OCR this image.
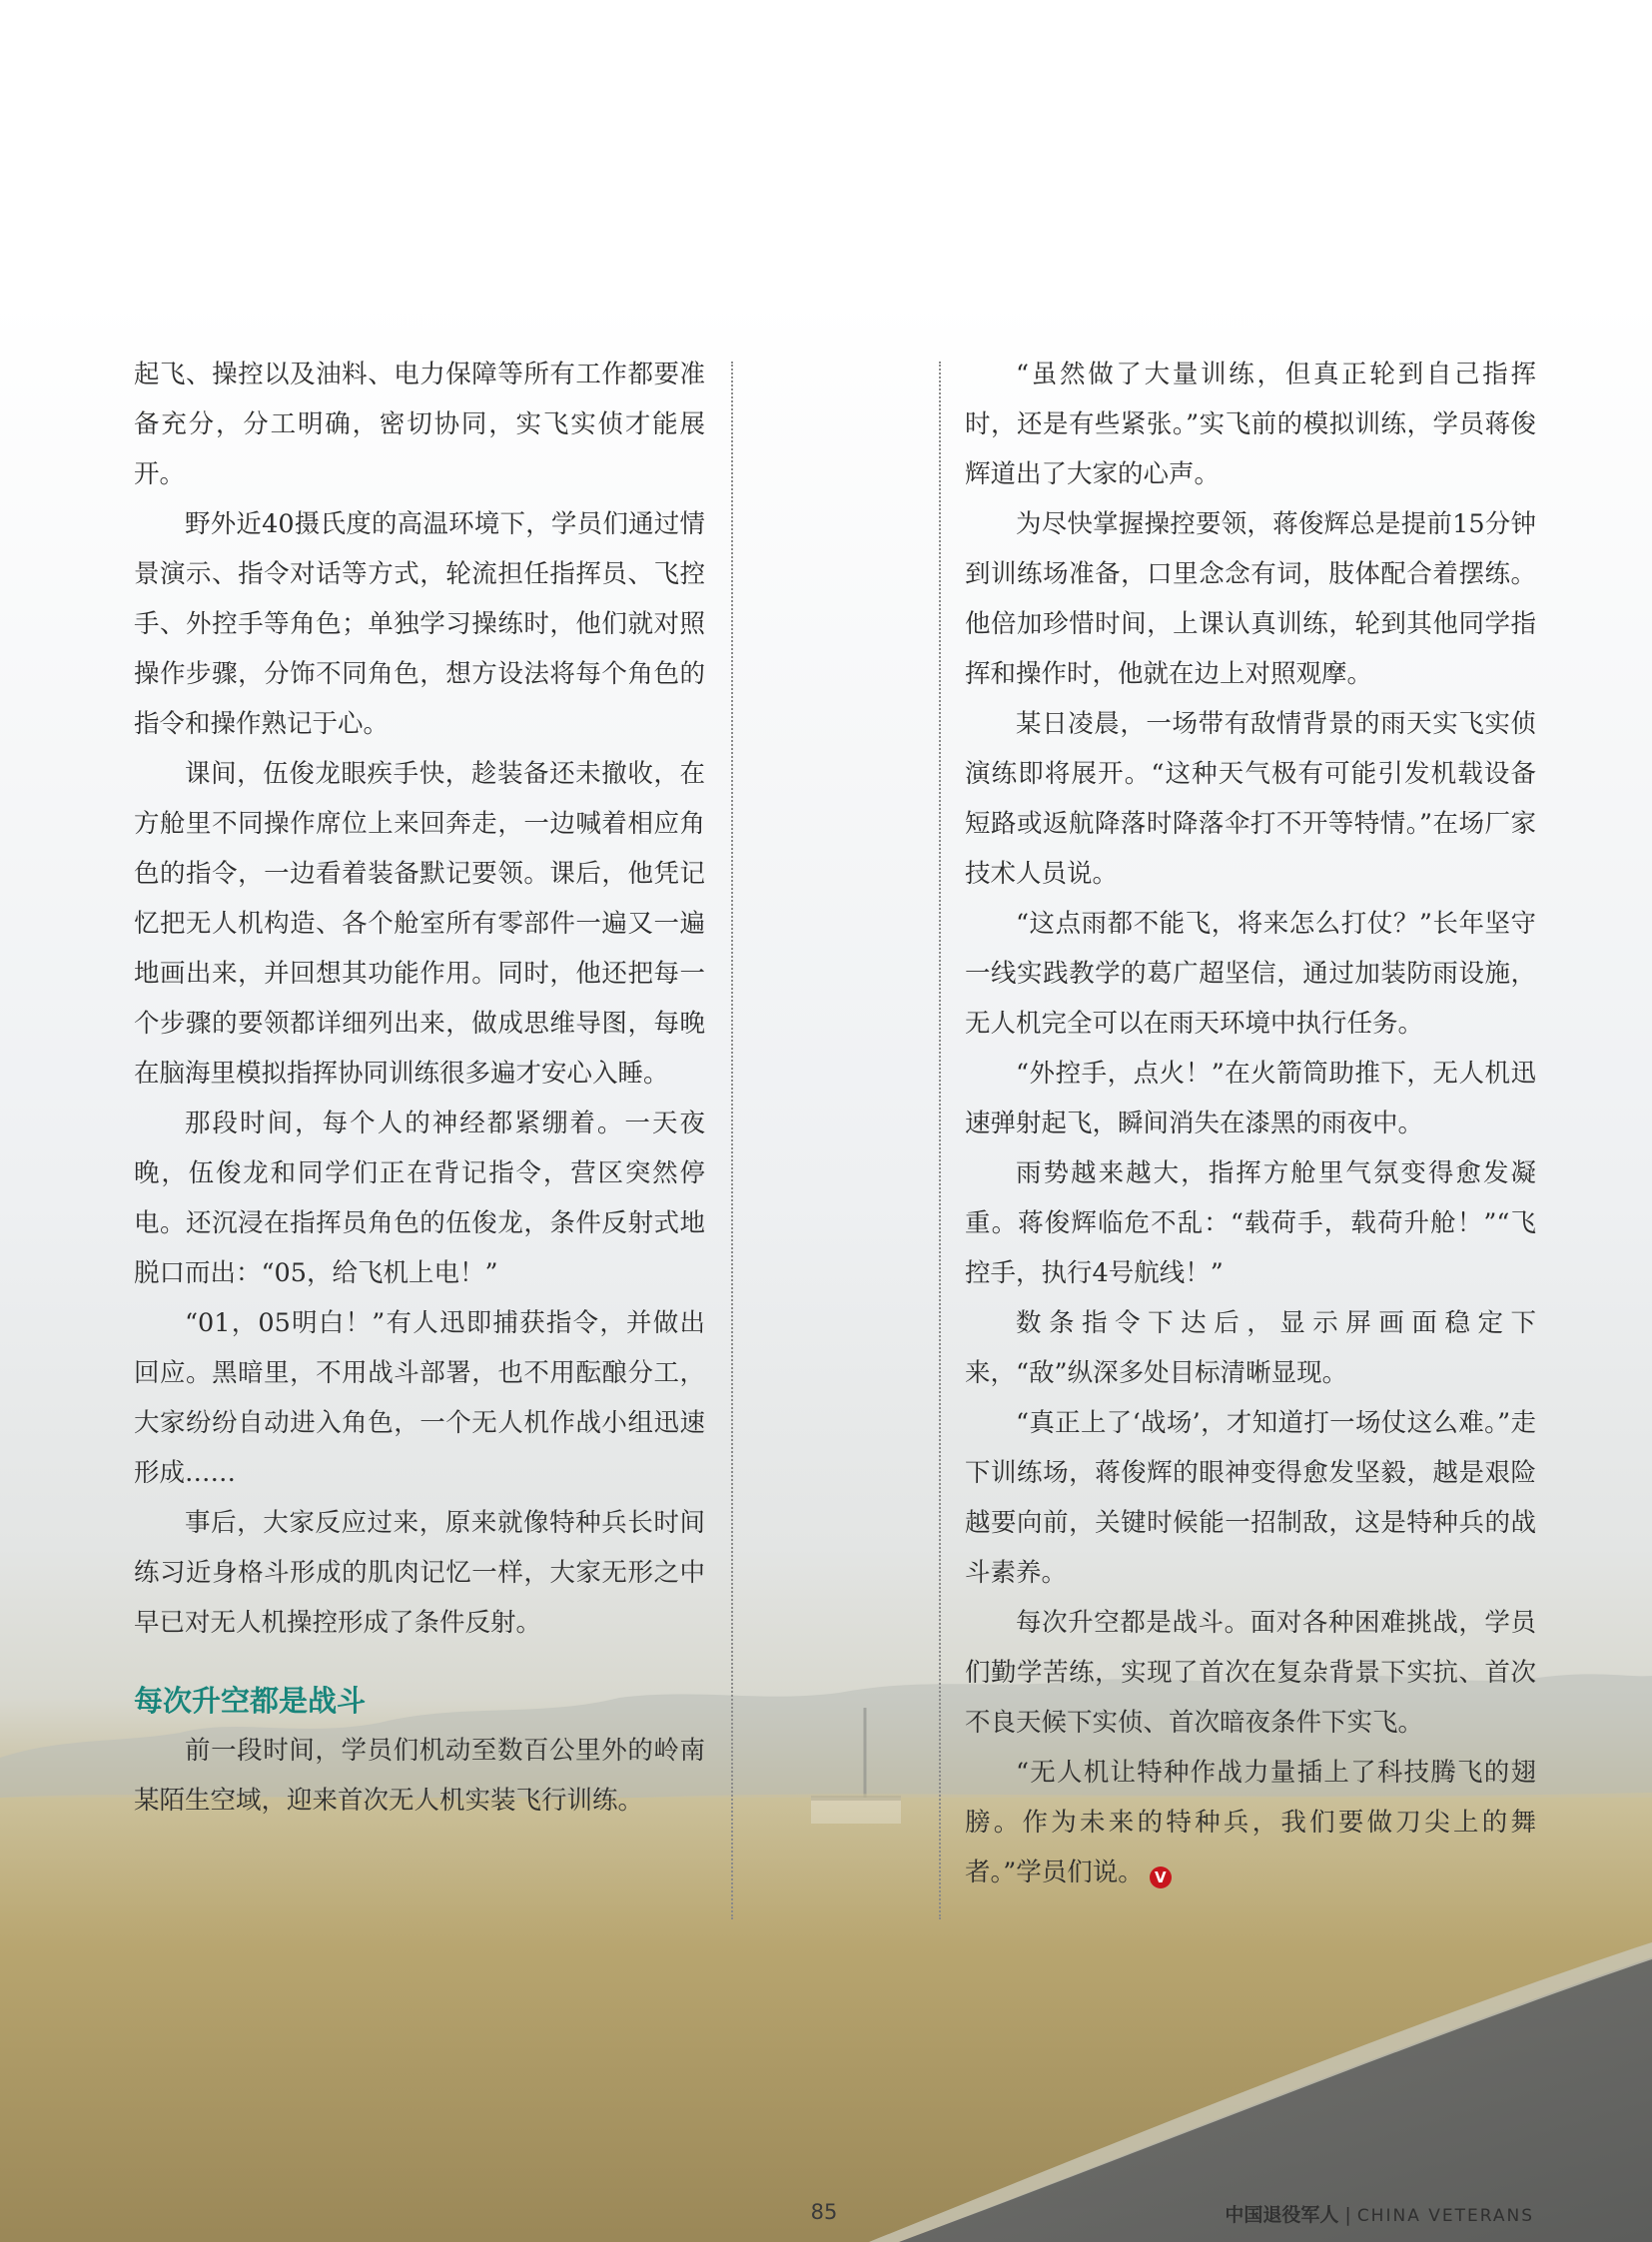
起飞、操控以及油料、电力保障等所有工作都要准备充分，分工明确，密切协同，实飞实侦才能展开。

野外近40摄氏度的高温环境下，学员们通过情景演示、指令对话等方式，轮流担任指挥员、飞控手、外控手等角色；单独学习操练时，他们就对照操作步骤，分饰不同角色，想方设法将每个角色的指令和操作熟记于心。

课间，伍俊龙眼疾手快，趁装备还未撤收，在方舱里不同操作席位上来回奔走，一边喊着相应角色的指令，一边看着装备默记要领。课后，他凭记忆把无人机构造、各个舱室所有零部件一遍又一遍地画出来，并回想其功能作用。同时，他还把每一个步骤的要领都详细列出来，做成思维导图，每晚在脑海里模拟指挥协同训练很多遍才安心入睡。

那段时间，每个人的神经都紧绷着。一天夜晚，伍俊龙和同学们正在背记指令，营区突然停电。还沉浸在指挥员角色的伍俊龙，条件反射式地脱口而出：“05，给飞机上电！”

“01，05明白！”有人迅即捕获指令，并做出回应。黑暗里，不用战斗部署，也不用酝酿分工，大家纷纷自动进入角色，一个无人机作战小组迅速形成……

事后，大家反应过来，原来就像特种兵长时间练习近身格斗形成的肌肉记忆一样，大家无形之中早已对无人机操控形成了条件反射。

每次升空都是战斗

前一段时间，学员们机动至数百公里外的岭南某陌生空域，迎来首次无人机实装飞行训练。

“虽然做了大量训练，但真正轮到自己指挥时，还是有些紧张。”实飞前的模拟训练，学员蒋俊辉道出了大家的心声。

为尽快掌握操控要领，蒋俊辉总是提前15分钟到训练场准备，口里念念有词，肢体配合着摆练。他倍加珍惜时间，上课认真训练，轮到其他同学指挥和操作时，他就在边上对照观摩。

某日凌晨，一场带有敌情背景的雨天实飞实侦演练即将展开。“这种天气极有可能引发机载设备短路或返航降落时降落伞打不开等特情。”在场厂家技术人员说。

“这点雨都不能飞，将来怎么打仗？”长年坚守一线实践教学的葛广超坚信，通过加装防雨设施，无人机完全可以在雨天环境中执行任务。

“外控手，点火！”在火箭筒助推下，无人机迅速弹射起飞，瞬间消失在漆黑的雨夜中。

雨势越来越大，指挥方舱里气氛变得愈发凝重。蒋俊辉临危不乱：“载荷手，载荷升舱！”“飞控手，执行4号航线！”

数条指令下达后，显示屏画面稳定下来，“敌”纵深多处目标清晰显现。

“真正上了‘战场’，才知道打一场仗这么难。”走下训练场，蒋俊辉的眼神变得愈发坚毅，越是艰险越要向前，关键时候能一招制敌，这是特种兵的战斗素养。

每次升空都是战斗。面对各种困难挑战，学员们勤学苦练，实现了首次在复杂背景下实抗、首次不良天候下实侦、首次暗夜条件下实飞。

“无人机让特种作战力量插上了科技腾飞的翅膀。作为未来的特种兵，我们要做刀尖上的舞者。”学员们说。 V

85	中国退役军人 | CHINA VETERANS
